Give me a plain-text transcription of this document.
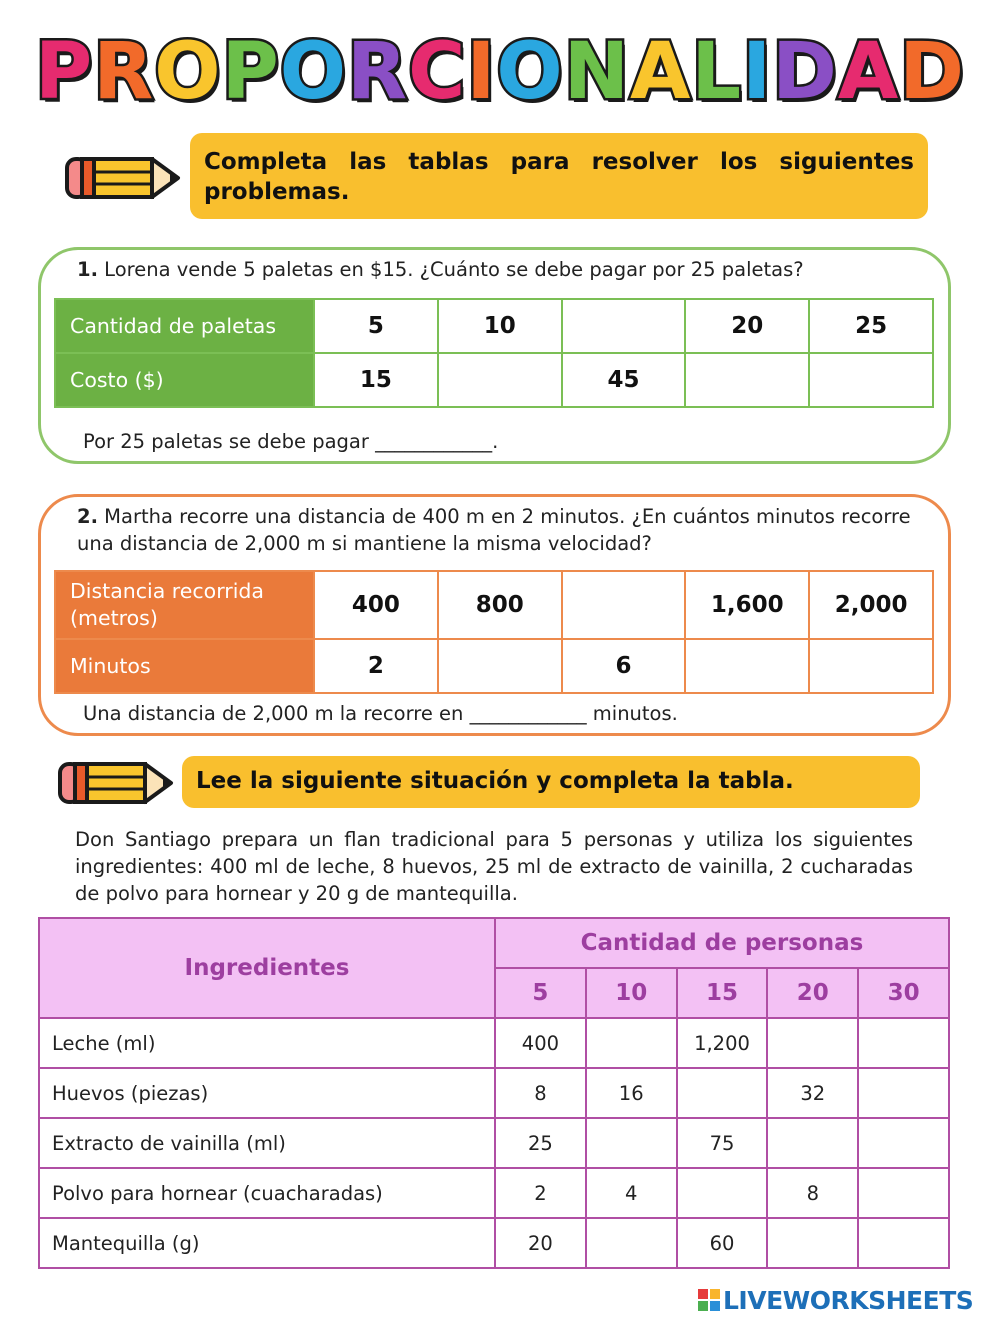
PROPORCIONALIDAD
Completa las tablas para resolver los siguientes problemas.
1. Lorena vende 5 paletas en $15. ¿Cuánto se debe pagar por 25 paletas?
Cantidad de paletas	5	10		20	25
Costo ($)	15		45		
Por 25 paletas se debe pagar ____________.
2. Martha recorre una distancia de 400 m en 2 minutos. ¿En cuántos minutos recorre una distancia de 2,000 m si mantiene la misma velocidad?
Distancia recorrida (metros)	400	800		1,600	2,000
Minutos	2		6		
Una distancia de 2,000 m la recorre en ____________ minutos.
Lee la siguiente situación y completa la tabla.
Don Santiago prepara un flan tradicional para 5 personas y utiliza los siguientes ingredientes: 400 ml de leche, 8 huevos, 25 ml de extracto de vainilla, 2 cucharadas de polvo para hornear y 20 g de mantequilla.
Ingredientes	Cantidad de personas				
	5	10	15	20	30
Leche (ml)	400		1,200		
Huevos (piezas)	8	16		32	
Extracto de vainilla (ml)	25		75		
Polvo para hornear (cuacharadas)	2	4		8	
Mantequilla (g)	20		60		
LIVEWORKSHEETS
